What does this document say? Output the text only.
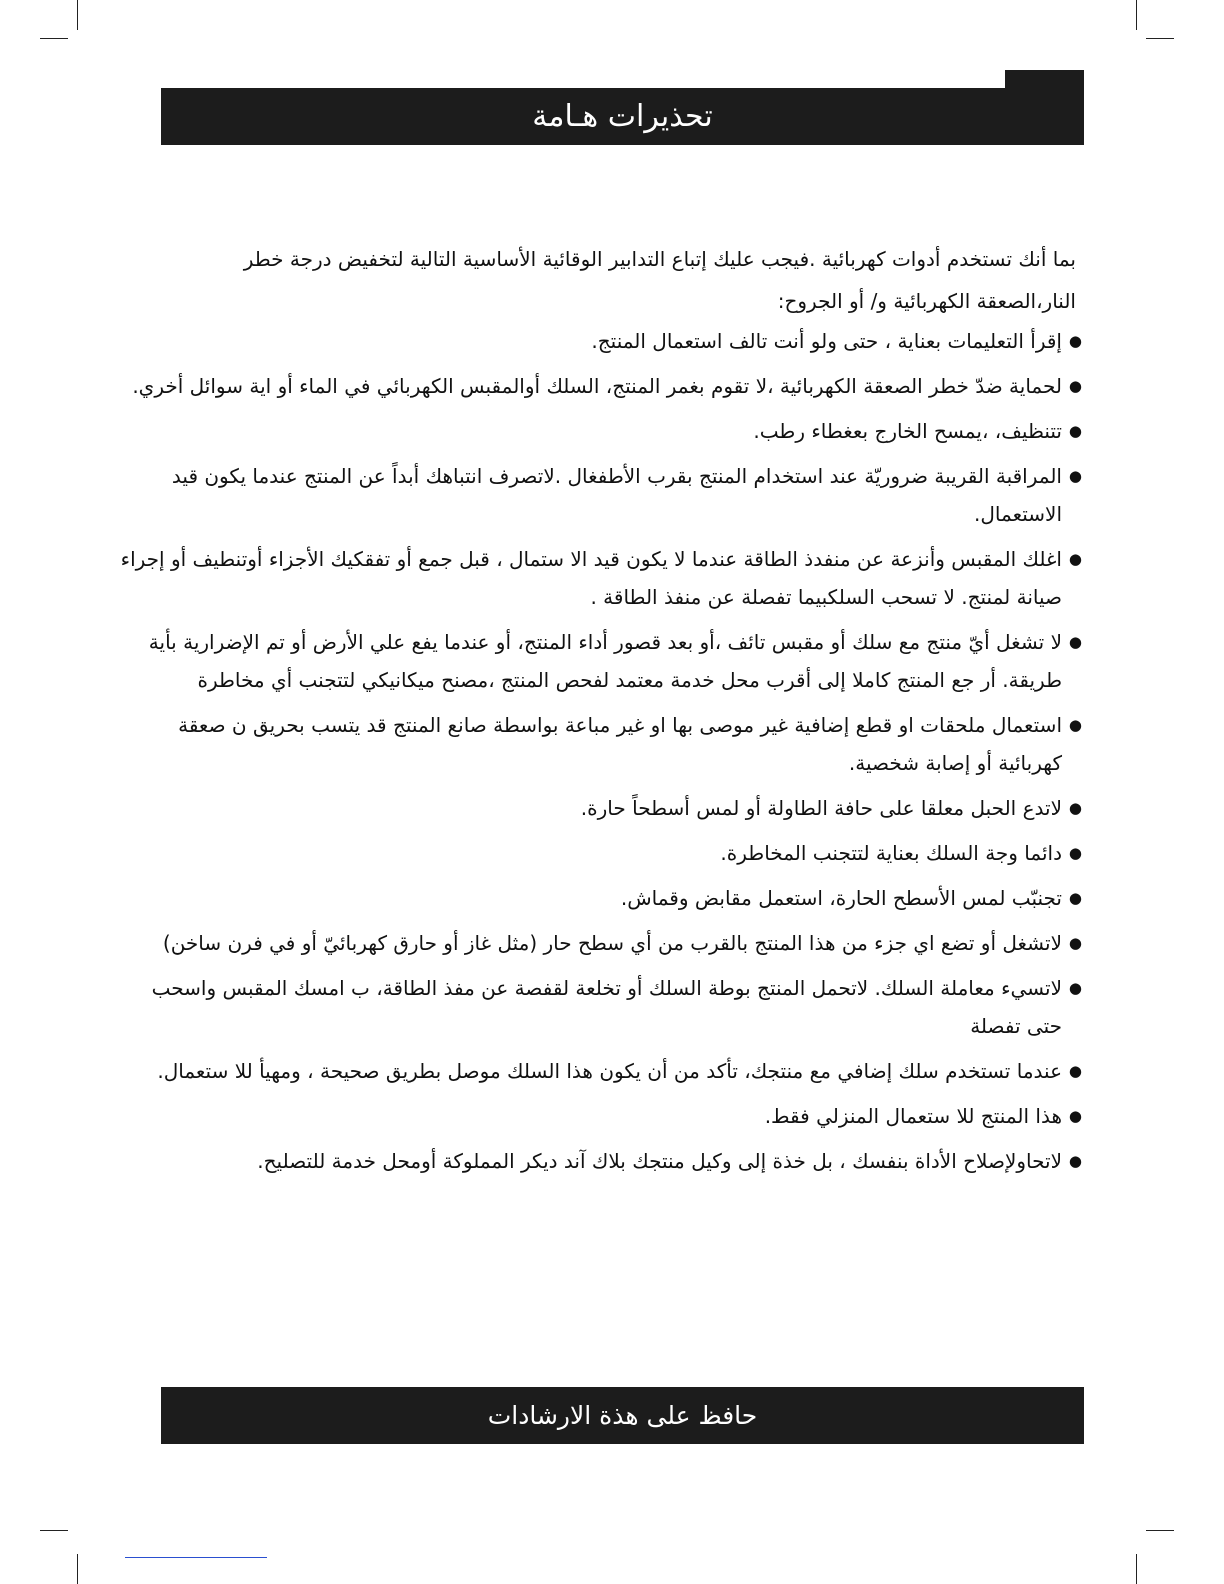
تحذيرات هـامة

بما أنك تستخدم أدوات كهربائية .فيجب عليك إتباع التدابير الوقائية الأساسية التالية لتخفيض درجة خطر النار،الصعقة الكهربائية و/ أو الجروح:

●
إقرأ التعليمات بعناية ، حتى ولو أنت تالف استعمال المنتج.
●
لحماية ضدّ خطر الصعقة الكهربائية ،لا تقوم بغمر المنتج، السلك أوالمقبس الكهربائي في الماء أو اية سوائل أخري.
●
تتنظيف، ،يمسح الخارج بعغطاء رطب.
●
المراقبة القريبة ضروريّة عند استخدام المنتج بقرب الأطفغال .لاتصرف انتباهك أبداً عن المنتج عندما يكون قيد الاستعمال.
●
اغلك المقبس وأنزعة عن منفدذ الطاقة عندما لا يكون قيد الا ستمال ، قبل جمع أو تفقكيك الأجزاء أوتنطيف أو إجراء صيانة لمنتج. لا تسحب السلكبيما تفصلة عن منفذ الطاقة .
●
لا تشغل أيّ منتج مع سلك أو مقبس تائف ،أو بعد قصور أداء المنتج، أو عندما يفع علي الأرض أو تم الإضرارية بأية طريقة. أر جع المنتج كاملا إلى أقرب محل خدمة معتمد لفحص المنتج ،مصنح ميكانيكي لتتجنب أي مخاطرة
●
استعمال ملحقات او قطع إضافية غير موصى بها او غير مباعة بواسطة صانع المنتج قد يتسب بحريق ن صعقة كهربائية أو إصابة شخصية.
●
لاتدع الحبل معلقا على حافة الطاولة أو لمس أسطحاً حارة.
●
دائما وجة السلك بعناية لتتجنب المخاطرة.
●
تجنبّب لمس الأسطح الحارة، استعمل مقابض وقماش.
●
لاتشغل أو تضع اي جزء من هذا المنتج بالقرب من أي سطح حار (مثل غاز أو حارق كهربائيّ أو في فرن ساخن)
●
لاتسيء معاملة السلك. لاتحمل المنتج بوطة السلك أو تخلعة لقفصة عن مفذ الطاقة، ب امسك المقبس واسحب حتى تفصلة
●
عندما تستخدم سلك إضافي مع منتجك، تأكد من أن يكون هذا السلك موصل بطريق صحيحة ، ومهيأ للا ستعمال.
●
هذا المنتج للا ستعمال المنزلي فقط.
●
لاتحاولإصلاح الأداة بنفسك ، بل خذة إلى وكيل منتجك بلاك آند ديكر المملوكة أومحل خدمة للتصليح.
حافظ على هذة الارشادات
